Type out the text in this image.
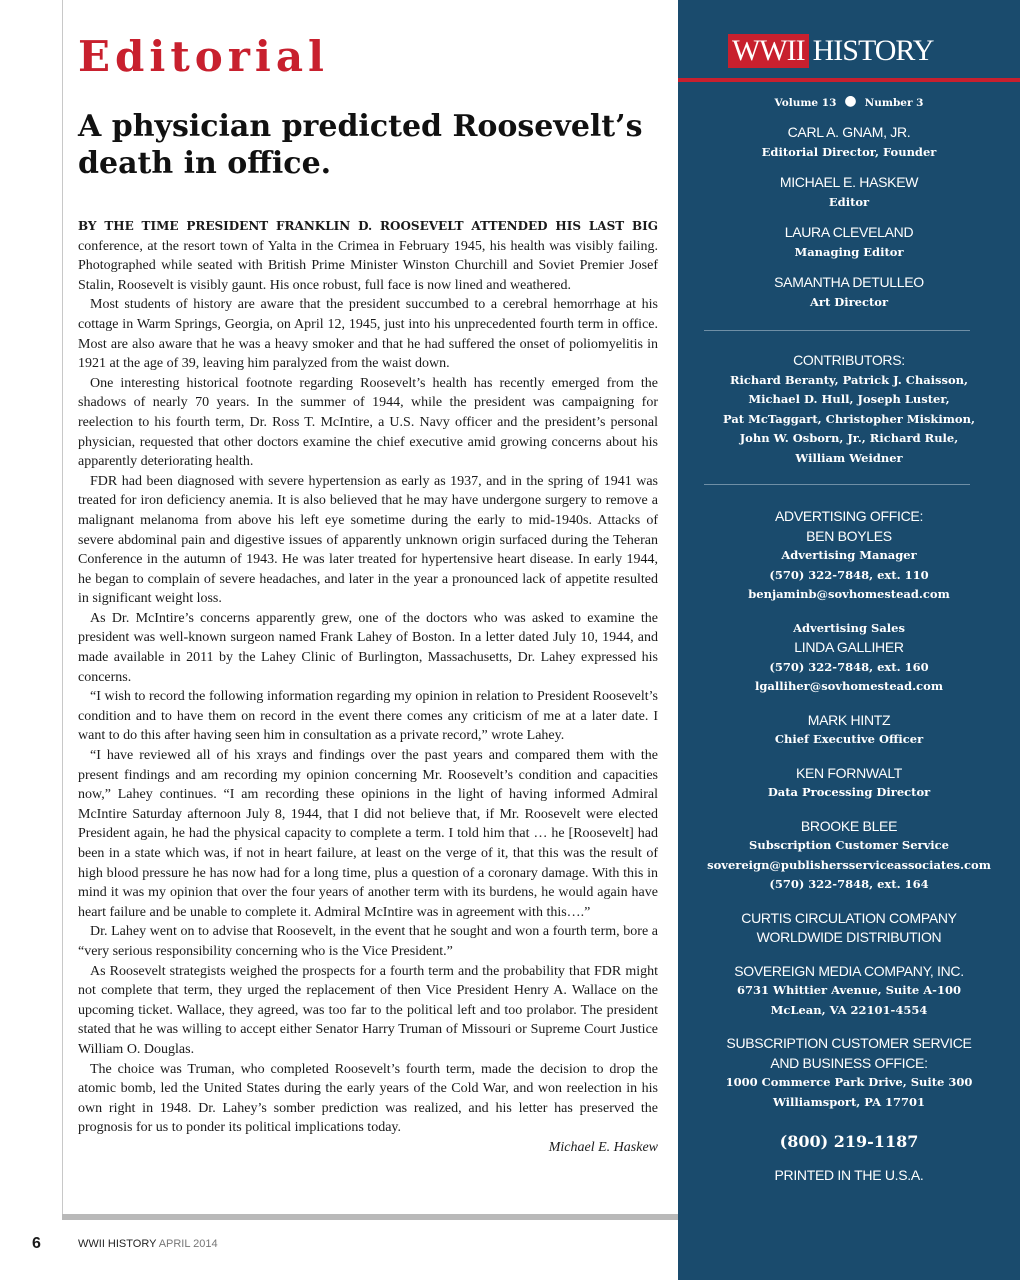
Editorial
A physician predicted Roosevelt’s death in office.

BY THE TIME PRESIDENT FRANKLIN D. ROOSEVELT ATTENDED HIS LAST BIG conference, at the resort town of Yalta in the Crimea in February 1945, his health was visibly failing. Photographed while seated with British Prime Minister Winston Churchill and Soviet Premier Josef Stalin, Roosevelt is visibly gaunt. His once robust, full face is now lined and weathered.

Most students of history are aware that the president succumbed to a cerebral hemorrhage at his cottage in Warm Springs, Georgia, on April 12, 1945, just into his unprecedented fourth term in office. Most are also aware that he was a heavy smoker and that he had suffered the onset of poliomyelitis in 1921 at the age of 39, leaving him paralyzed from the waist down.

One interesting historical footnote regarding Roosevelt’s health has recently emerged from the shadows of nearly 70 years. In the summer of 1944, while the president was campaigning for reelection to his fourth term, Dr. Ross T. McIntire, a U.S. Navy officer and the president’s personal physician, requested that other doctors examine the chief executive amid growing concerns about his apparently deteriorating health.

FDR had been diagnosed with severe hypertension as early as 1937, and in the spring of 1941 was treated for iron deficiency anemia. It is also believed that he may have undergone surgery to remove a malignant melanoma from above his left eye sometime during the early to mid-1940s. Attacks of severe abdominal pain and digestive issues of apparently unknown origin surfaced during the Teheran Conference in the autumn of 1943. He was later treated for hypertensive heart disease. In early 1944, he began to complain of severe headaches, and later in the year a pronounced lack of appetite resulted in significant weight loss.

As Dr. McIntire’s concerns apparently grew, one of the doctors who was asked to examine the president was well-known surgeon named Frank Lahey of Boston. In a letter dated July 10, 1944, and made available in 2011 by the Lahey Clinic of Burlington, Massachusetts, Dr. Lahey expressed his concerns.

“I wish to record the following information regarding my opinion in relation to President Roosevelt’s condition and to have them on record in the event there comes any criticism of me at a later date. I want to do this after having seen him in consultation as a private record,” wrote Lahey.

“I have reviewed all of his xrays and findings over the past years and compared them with the present findings and am recording my opinion concerning Mr. Roosevelt’s condition and capacities now,” Lahey continues. “I am recording these opinions in the light of having informed Admiral McIntire Saturday afternoon July 8, 1944, that I did not believe that, if Mr. Roosevelt were elected President again, he had the physical capacity to complete a term. I told him that … he [Roosevelt] had been in a state which was, if not in heart failure, at least on the verge of it, that this was the result of high blood pressure he has now had for a long time, plus a question of a coronary damage. With this in mind it was my opinion that over the four years of another term with its burdens, he would again have heart failure and be unable to complete it. Admiral McIntire was in agreement with this….”

Dr. Lahey went on to advise that Roosevelt, in the event that he sought and won a fourth term, bore a “very serious responsibility concerning who is the Vice President.”

As Roosevelt strategists weighed the prospects for a fourth term and the probability that FDR might not complete that term, they urged the replacement of then Vice President Henry A. Wallace on the upcoming ticket. Wallace, they agreed, was too far to the political left and too prolabor. The president stated that he was willing to accept either Senator Harry Truman of Missouri or Supreme Court Justice William O. Douglas.

The choice was Truman, who completed Roosevelt’s fourth term, made the decision to drop the atomic bomb, led the United States during the early years of the Cold War, and won reelection in his own right in 1948. Dr. Lahey’s somber prediction was realized, and his letter has preserved the prognosis for us to ponder its political implications today.

Michael E. Haskew

6	WWII HISTORY APRIL 2014
WWII HISTORY
Volume 13 ● Number 3
CARL A. GNAM, JR.
Editorial Director, Founder
MICHAEL E. HASKEW
Editor
LAURA CLEVELAND
Managing Editor
SAMANTHA DETULLEO
Art Director
CONTRIBUTORS:
Richard Beranty, Patrick J. Chaisson,
Michael D. Hull, Joseph Luster,
Pat McTaggart, Christopher Miskimon,
John W. Osborn, Jr., Richard Rule,
William Weidner
ADVERTISING OFFICE:
BEN BOYLES
Advertising Manager
(570) 322-7848, ext. 110
benjaminb@sovhomestead.com
Advertising Sales
LINDA GALLIHER
(570) 322-7848, ext. 160
lgalliher@sovhomestead.com
MARK HINTZ
Chief Executive Officer
KEN FORNWALT
Data Processing Director
BROOKE BLEE
Subscription Customer Service
sovereign@publishersserviceassociates.com
(570) 322-7848, ext. 164
CURTIS CIRCULATION COMPANY
WORLDWIDE DISTRIBUTION
SOVEREIGN MEDIA COMPANY, INC.
6731 Whittier Avenue, Suite A-100
McLean, VA 22101-4554
SUBSCRIPTION CUSTOMER SERVICE
AND BUSINESS OFFICE:
1000 Commerce Park Drive, Suite 300
Williamsport, PA 17701
(800) 219-1187
PRINTED IN THE U.S.A.
